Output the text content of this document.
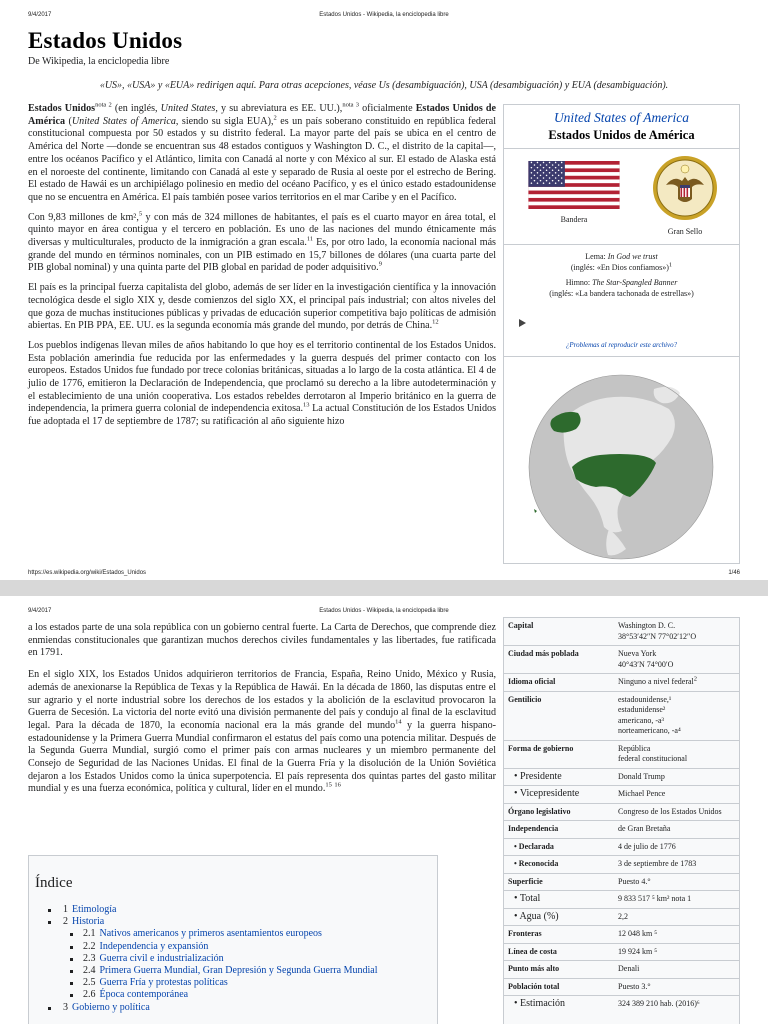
9/4/2017	Estados Unidos - Wikipedia, la enciclopedia libre
Estados Unidos
De Wikipedia, la enciclopedia libre
«US», «USA» y «EUA» redirigen aquí. Para otras acepciones, véase Us (desambiguación), USA (desambiguación) y EUA (desambiguación).

Estados Unidos$^{nota 2}$ (en inglés, United States, y su abreviatura es EE. UU.),$^{nota 3}$ oficialmente Estados Unidos de América (United States of America, siendo su sigla EUA),$^2$ es un país soberano constituido en república federal constitucional compuesta por 50 estados y su distrito federal. La mayor parte del país se ubica en el centro de América del Norte —donde se encuentran sus 48 estados contiguos y Washington D. C., el distrito de la capital—, entre los océanos Pacífico y el Atlántico, limita con Canadá al norte y con México al sur. El estado de Alaska está en el noroeste del continente, limitando con Canadá al este y separado de Rusia al oeste por el estrecho de Bering. El estado de Hawái es un archipiélago polinesio en medio del océano Pacífico, y es el único estado estadounidense que no se encuentra en América. El país también posee varios territorios en el mar Caribe y en el Pacífico.

Con 9,83 millones de km²,$^5$ y con más de 324 millones de habitantes, el país es el cuarto mayor en área total, el quinto mayor en área contigua y el tercero en población. Es uno de las naciones del mundo étnicamente más diversas y multiculturales, producto de la inmigración a gran escala.$^{11}$ Es, por otro lado, la economía nacional más grande del mundo en términos nominales, con un PIB estimado en 15,7 billones de dólares (una cuarta parte del PIB global nominal) y una quinta parte del PIB global en paridad de poder adquisitivo.$^9$

El país es la principal fuerza capitalista del globo, además de ser líder en la investigación científica y la innovación tecnológica desde el siglo XIX y, desde comienzos del siglo XX, el principal país industrial; con altos niveles del que goza de muchas instituciones públicas y privadas de educación superior competitiva bajo políticas de admisión abiertas. En PIB PPA, EE. UU. es la segunda economía más grande del mundo, por detrás de China.$^{12}$

Los pueblos indígenas llevan miles de años habitando lo que hoy es el territorio continental de los Estados Unidos. Esta población amerindia fue reducida por las enfermedades y la guerra después del primer contacto con los europeos. Estados Unidos fue fundado por trece colonias británicas, situadas a lo largo de la costa atlántica. El 4 de julio de 1776, emitieron la Declaración de Independencia, que proclamó su derecho a la libre autodeterminación y el establecimiento de una unión cooperativa. Los estados rebeldes derrotaron al Imperio británico en la guerra de independencia, la primera guerra colonial de independencia exitosa.$^{13}$ La actual Constitución de los Estados Unidos fue adoptada el 17 de septiembre de 1787; su ratificación al año siguiente hizo

United States of America
Estados Unidos de América
Bandera
Gran Sello
Lema: In God we trust
(inglés: «En Dios confiamos»)$^1$
Himno: The Star-Spangled Banner
(inglés: «La bandera tachonada de estrellas»)
¿Problemas al reproducir este archivo?
https://es.wikipedia.org/wiki/Estados_Unidos	1/46
9/4/2017	Estados Unidos - Wikipedia, la enciclopedia libre

a los estados parte de una sola república con un gobierno central fuerte. La Carta de Derechos, que comprende diez enmiendas constitucionales que garantizan muchos derechos civiles fundamentales y las libertades, fue ratificada en 1791.

En el siglo XIX, los Estados Unidos adquirieron territorios de Francia, España, Reino Unido, México y Rusia, además de anexionarse la República de Texas y la República de Hawái. En la década de 1860, las disputas entre el sur agrario y el norte industrial sobre los derechos de los estados y la abolición de la esclavitud provocaron la Guerra de Secesión. La victoria del norte evitó una división permanente del país y condujo al final de la esclavitud legal. Para la década de 1870, la economía nacional era la más grande del mundo$^{14}$ y la guerra hispano-estadounidense y la Primera Guerra Mundial confirmaron el estatus del país como una potencia militar. Después de la Segunda Guerra Mundial, surgió como el primer país con armas nucleares y un miembro permanente del Consejo de Seguridad de las Naciones Unidas. El final de la Guerra Fría y la disolución de la Unión Soviética dejaron a los Estados Unidos como la única superpotencia. El país representa dos quintas partes del gasto militar mundial y es una fuerza económica, política y cultural, líder en el mundo.$^{15}$ $^{16}$

Índice
1 Etimología
2 Historia
2.1 Nativos americanos y primeros asentamientos europeos
2.2 Independencia y expansión
2.3 Guerra civil e industrialización
2.4 Primera Guerra Mundial, Gran Depresión y Segunda Guerra Mundial
2.5 Guerra Fría y protestas políticas
2.6 Época contemporánea
3 Gobierno y política
Capital	Washington D. C.
38°53′42″N 77°02′12″O
Ciudad más poblada	Nueva York
40°43′N 74°00′O
Idioma oficial	Ninguno a nivel federal$^2$
Gentilicio	estadounidense,¹
estadunidense²
americano, -a³
norteamericano, -a⁴
Forma de gobierno	República
federal constitucional
• Presidente	Donald Trump
• Vicepresidente	Michael Pence
Órgano legislativo	Congreso de los Estados Unidos
Independencia	de Gran Bretaña
• Declarada	4 de julio de 1776
• Reconocida	3 de septiembre de 1783
Superficie	Puesto 4.°
• Total	9 833 517 ⁵ km² nota 1
• Agua (%)	2,2
Fronteras	12 048 km ⁵
Línea de costa	19 924 km ⁵
Punto más alto	Denali
Población total	Puesto 3.°
• Estimación	324 389 210 hab. (2016)⁶
